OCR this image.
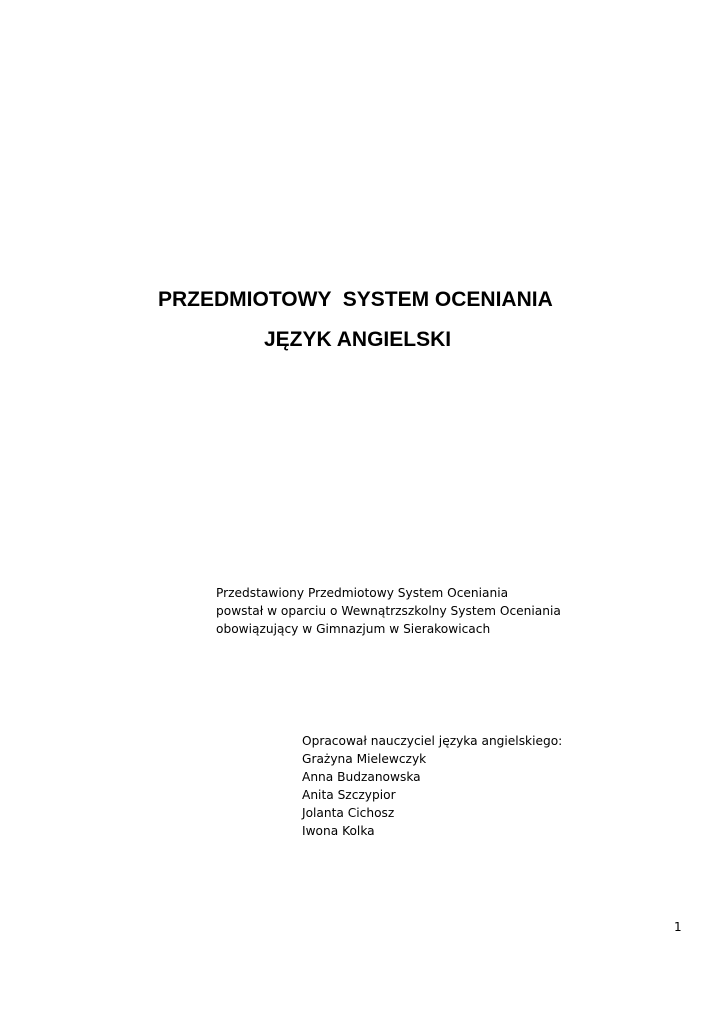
PRZEDMIOTOWY  SYSTEM OCENIANIA
JĘZYK ANGIELSKI

Przedstawiony Przedmiotowy System Oceniania

powstał w oparciu o Wewnątrzszkolny System Oceniania

obowiązujący w Gimnazjum w Sierakowicach

Opracował nauczyciel języka angielskiego:

Grażyna Mielewczyk

Anna Budzanowska

Anita Szczypior

Jolanta Cichosz

Iwona Kolka

1
